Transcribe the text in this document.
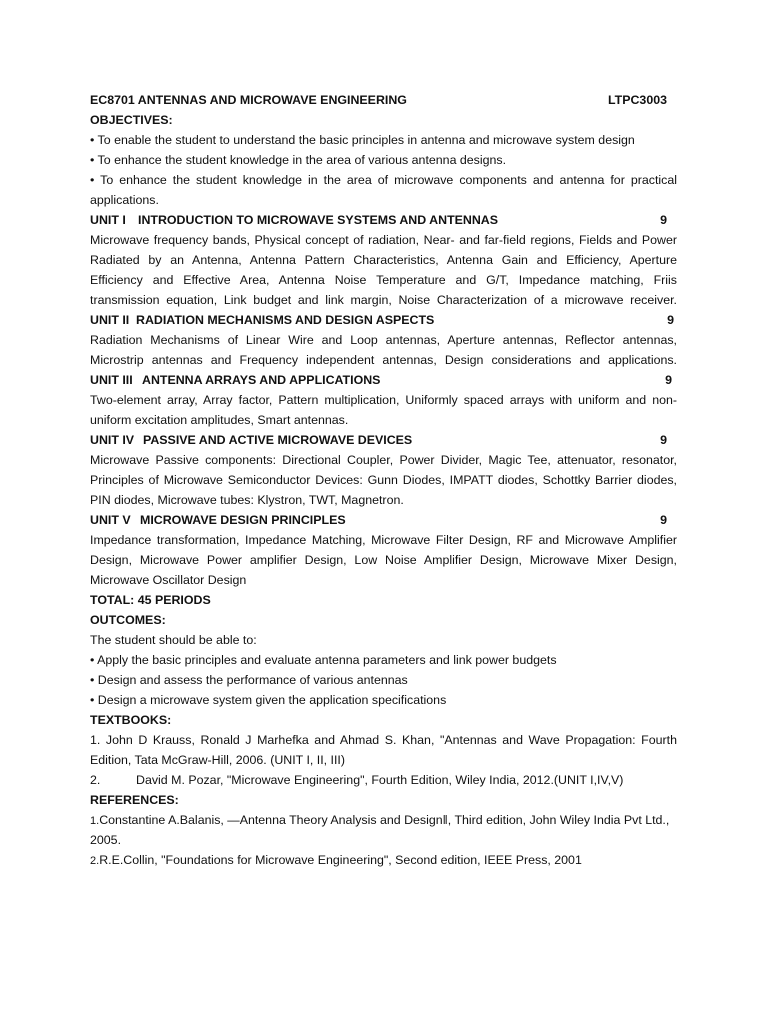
EC8701 ANTENNAS AND MICROWAVE ENGINEERING	LTPC3003
OBJECTIVES:
• To enable the student to understand the basic principles in antenna and microwave system design
• To enhance the student knowledge in the area of various antenna designs.
• To enhance the student knowledge in the area of microwave components and antenna for practical
applications.
UNIT I INTRODUCTION TO MICROWAVE SYSTEMS AND ANTENNAS	9
Microwave frequency bands, Physical concept of radiation, Near- and far-field regions, Fields and Power
Radiated by an Antenna, Antenna Pattern Characteristics, Antenna Gain and Efficiency, Aperture
Efficiency and Effective Area, Antenna Noise Temperature and G/T, Impedance matching, Friis
transmission equation, Link budget and link margin, Noise Characterization of a microwave receiver.
UNIT II RADIATION MECHANISMS AND DESIGN ASPECTS	9
Radiation Mechanisms of Linear Wire and Loop antennas, Aperture antennas, Reflector antennas,
Microstrip antennas and Frequency independent antennas, Design considerations and applications.
UNIT III ANTENNA ARRAYS AND APPLICATIONS	9
Two-element array, Array factor, Pattern multiplication, Uniformly spaced arrays with uniform and non-
uniform excitation amplitudes, Smart antennas.
UNIT IV PASSIVE AND ACTIVE MICROWAVE DEVICES	9
Microwave Passive components: Directional Coupler, Power Divider, Magic Tee, attenuator, resonator,
Principles of Microwave Semiconductor Devices: Gunn Diodes, IMPATT diodes, Schottky Barrier diodes,
PIN diodes, Microwave tubes: Klystron, TWT, Magnetron.
UNIT V MICROWAVE DESIGN PRINCIPLES	9
Impedance transformation, Impedance Matching, Microwave Filter Design, RF and Microwave Amplifier
Design, Microwave Power amplifier Design, Low Noise Amplifier Design, Microwave Mixer Design,
Microwave Oscillator Design
TOTAL: 45 PERIODS
OUTCOMES:
The student should be able to:
• Apply the basic principles and evaluate antenna parameters and link power budgets
• Design and assess the performance of various antennas
• Design a microwave system given the application specifications
TEXTBOOKS:
1. John D Krauss, Ronald J Marhefka and Ahmad S. Khan, "Antennas and Wave Propagation: Fourth
Edition, Tata McGraw-Hill, 2006. (UNIT I, II, III)
2.	David M. Pozar, "Microwave Engineering", Fourth Edition, Wiley India, 2012.(UNIT I,IV,V)
REFERENCES:
1.Constantine A.Balanis, ―Antenna Theory Analysis and Design‖, Third edition, John Wiley India Pvt Ltd.,
2005.
2.R.E.Collin, "Foundations for Microwave Engineering", Second edition, IEEE Press, 2001
